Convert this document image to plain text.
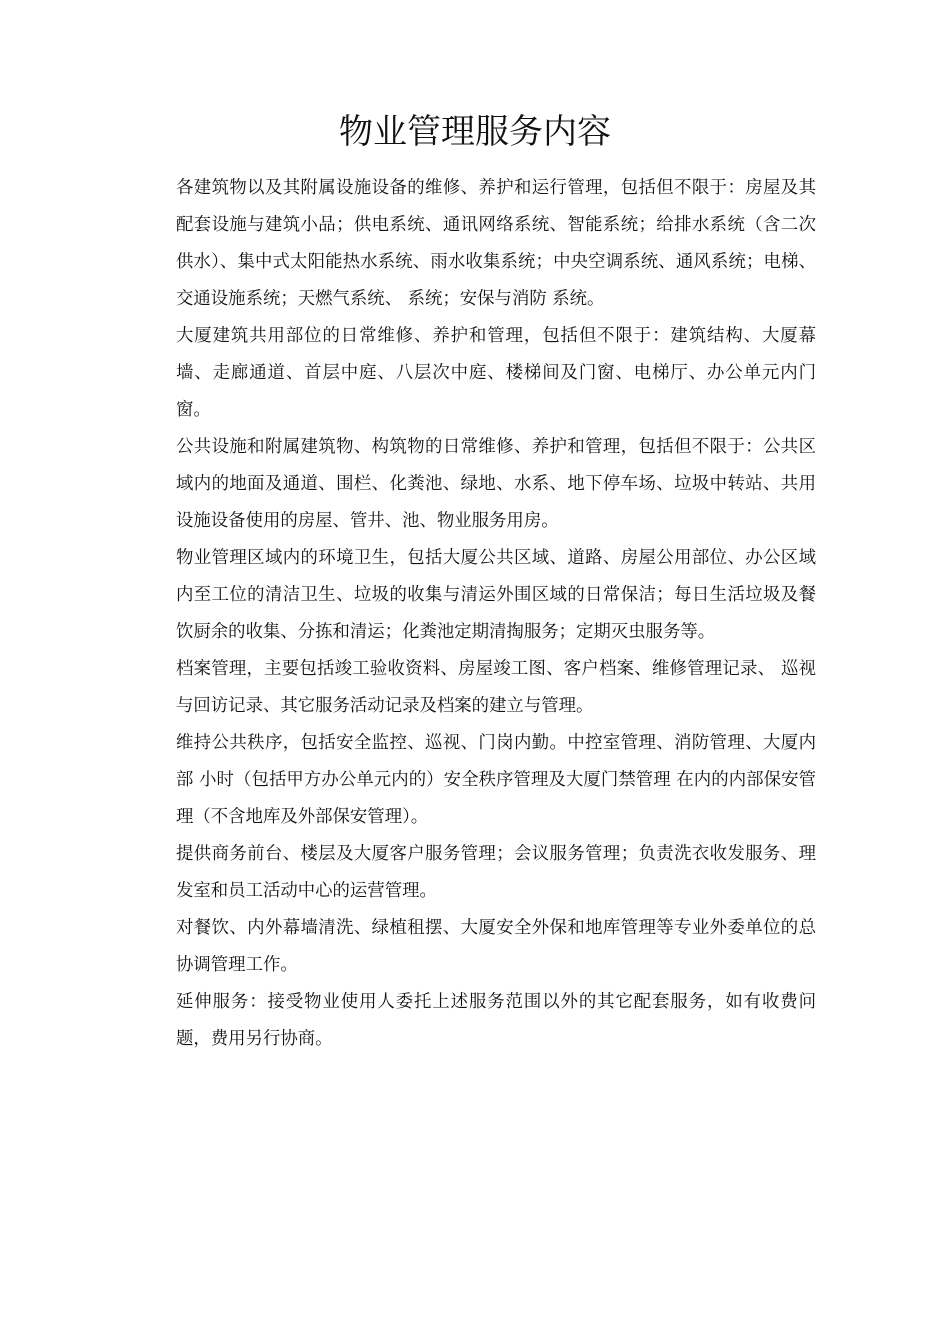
物业管理服务内容

各建筑物以及其附属设施设备的维修、养护和运行管理，包括但不限于：房屋及其配套设施与建筑小品；供电系统、通讯网络系统、智能系统；给排水系统（含二次供水）、集中式太阳能热水系统、雨水收集系统；中央空调系统、通风系统；电梯、交通设施系统；天燃气系统、 系统；安保与消防 系统。

大厦建筑共用部位的日常维修、养护和管理，包括但不限于：建筑结构、大厦幕墙、走廊通道、首层中庭、八层次中庭、楼梯间及门窗、电梯厅、办公单元内门窗。

公共设施和附属建筑物、构筑物的日常维修、养护和管理，包括但不限于：公共区域内的地面及通道、围栏、化粪池、绿地、水系、地下停车场、垃圾中转站、共用设施设备使用的房屋、管井、池、物业服务用房。

物业管理区域内的环境卫生，包括大厦公共区域、道路、房屋公用部位、办公区域内至工位的清洁卫生、垃圾的收集与清运外围区域的日常保洁；每日生活垃圾及餐饮厨余的收集、分拣和清运；化粪池定期清掏服务；定期灭虫服务等。

档案管理，主要包括竣工验收资料、房屋竣工图、客户档案、维修管理记录、 巡视与回访记录、其它服务活动记录及档案的建立与管理。

维持公共秩序，包括安全监控、巡视、门岗内勤。中控室管理、消防管理、大厦内部 小时（包括甲方办公单元内的）安全秩序管理及大厦门禁管理 在内的内部保安管理（不含地库及外部保安管理）。

提供商务前台、楼层及大厦客户服务管理；会议服务管理；负责洗衣收发服务、理发室和员工活动中心的运营管理。

对餐饮、内外幕墙清洗、绿植租摆、大厦安全外保和地库管理等专业外委单位的总协调管理工作。

延伸服务：接受物业使用人委托上述服务范围以外的其它配套服务，如有收费问题，费用另行协商。
